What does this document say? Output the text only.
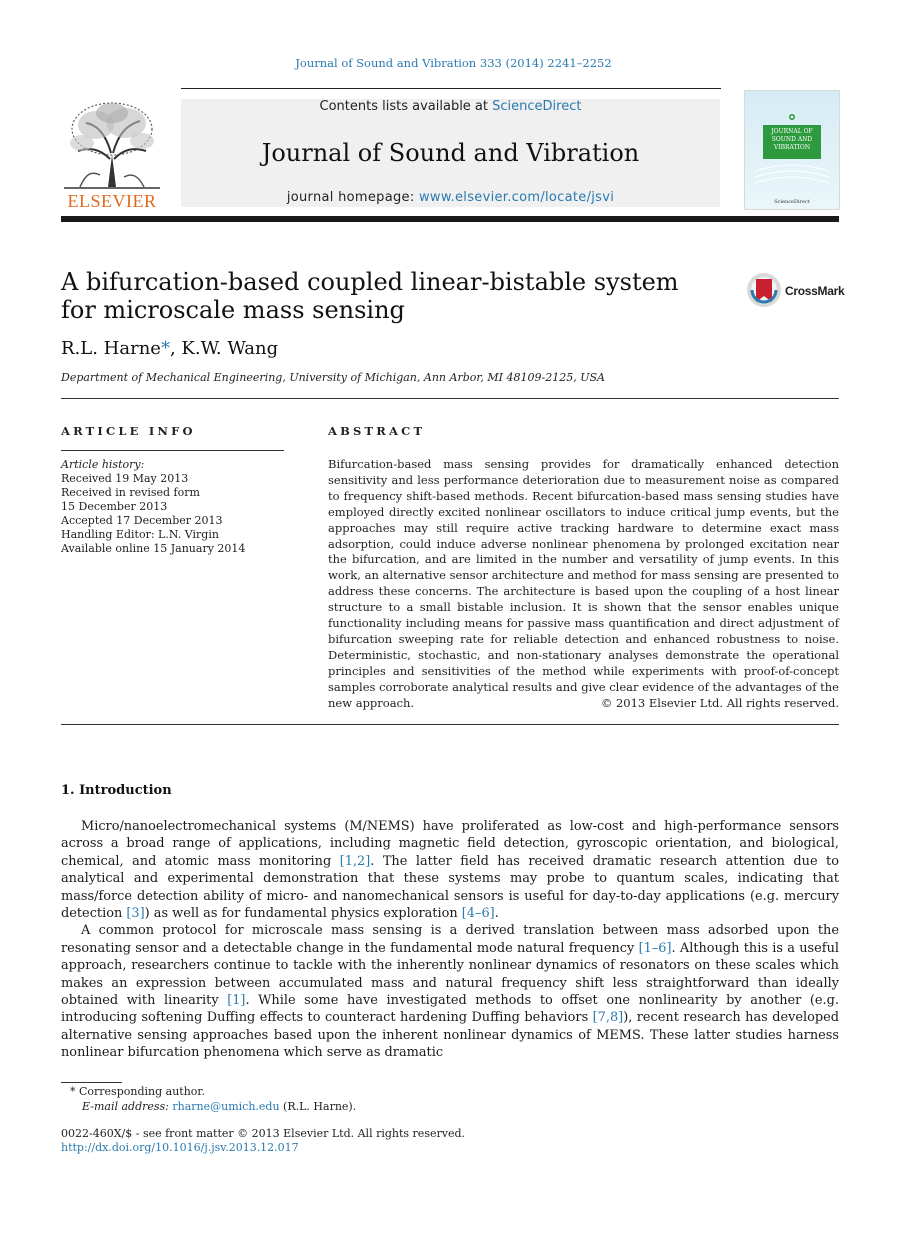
Journal of Sound and Vibration 333 (2014) 2241–2252
ELSEVIER
Contents lists available at ScienceDirect
Journal of Sound and Vibration
journal homepage: www.elsevier.com/locate/jsvi
JOURNAL OF SOUND AND VIBRATION
ScienceDirect
A bifurcation-based coupled linear-bistable system
for microscale mass sensing
CrossMark
R.L. Harne*, K.W. Wang
Department of Mechanical Engineering, University of Michigan, Ann Arbor, MI 48109-2125, USA
ARTICLE INFO
Article history:
Received 19 May 2013
Received in revised form
15 December 2013
Accepted 17 December 2013
Handling Editor: L.N. Virgin
Available online 15 January 2014
ABSTRACT
Bifurcation-based mass sensing provides for dramatically enhanced detection sensitivity and less performance deterioration due to measurement noise as compared to frequency shift-based methods. Recent bifurcation-based mass sensing studies have employed directly excited nonlinear oscillators to induce critical jump events, but the approaches may still require active tracking hardware to determine exact mass adsorption, could induce adverse nonlinear phenomena by prolonged excitation near the bifurcation, and are limited in the number and versatility of jump events. In this work, an alternative sensor architecture and method for mass sensing are presented to address these concerns. The architecture is based upon the coupling of a host linear structure to a small bistable inclusion. It is shown that the sensor enables unique functionality including means for passive mass quantification and direct adjustment of bifurcation sweeping rate for reliable detection and enhanced robustness to noise. Deterministic, stochastic, and non-stationary analyses demonstrate the operational principles and sensitivities of the method while experiments with proof-of-concept samples corroborate analytical results and give clear evidence of the advantages of the new approach.	© 2013 Elsevier Ltd. All rights reserved.
1. Introduction

Micro/nanoelectromechanical systems (M/NEMS) have proliferated as low-cost and high-performance sensors across a broad range of applications, including magnetic field detection, gyroscopic orientation, and biological, chemical, and atomic mass monitoring [1,2]. The latter field has received dramatic research attention due to analytical and experimental demonstration that these systems may probe to quantum scales, indicating that mass/force detection ability of micro- and nanomechanical sensors is useful for day-to-day applications (e.g. mercury detection [3]) as well as for fundamental physics exploration [4–6].

A common protocol for microscale mass sensing is a derived translation between mass adsorbed upon the resonating sensor and a detectable change in the fundamental mode natural frequency [1–6]. Although this is a useful approach, researchers continue to tackle with the inherently nonlinear dynamics of resonators on these scales which makes an expression between accumulated mass and natural frequency shift less straightforward than ideally obtained with linearity [1]. While some have investigated methods to offset one nonlinearity by another (e.g. introducing softening Duffing effects to counteract hardening Duffing behaviors [7,8]), recent research has developed alternative sensing approaches based upon the inherent nonlinear dynamics of MEMS. These latter studies harness nonlinear bifurcation phenomena which serve as dramatic

* Corresponding author.
E-mail address: rharne@umich.edu (R.L. Harne).
0022-460X/$ - see front matter © 2013 Elsevier Ltd. All rights reserved.
http://dx.doi.org/10.1016/j.jsv.2013.12.017
